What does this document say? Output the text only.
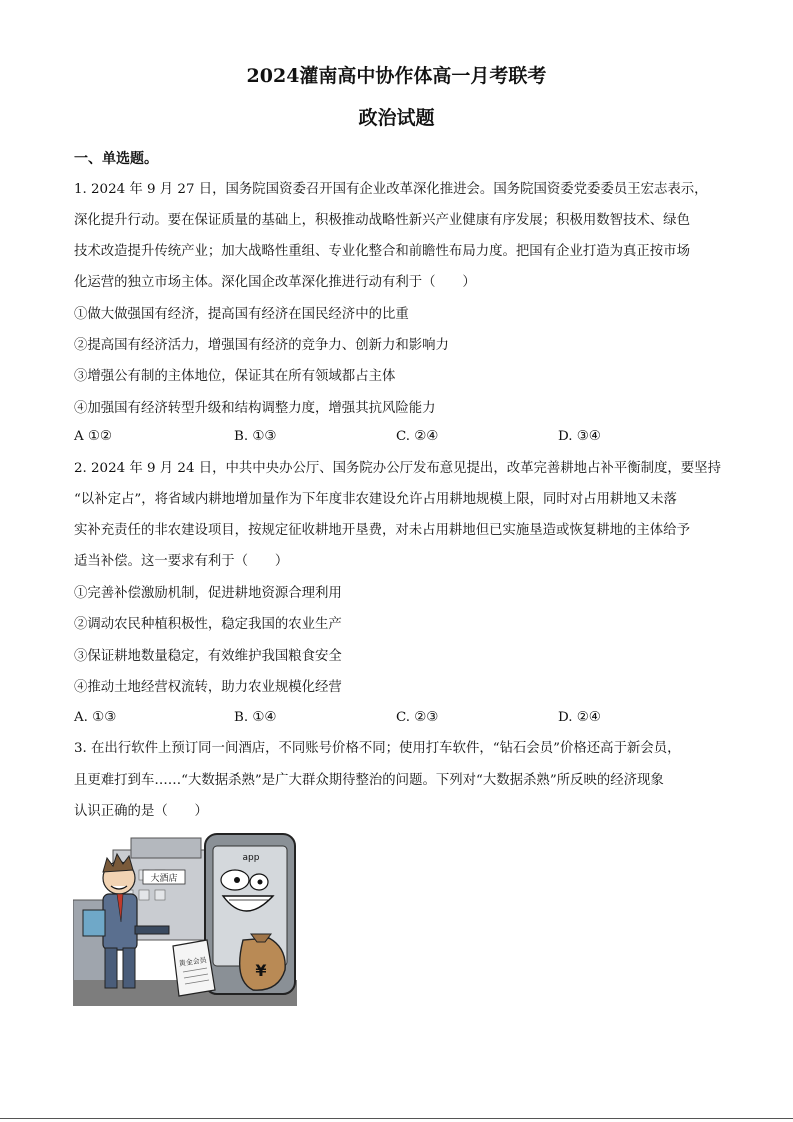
2024灌南高中协作体高一月考联考
政治试题
一、单选题。
1. 2024 年 9 月 27 日，国务院国资委召开国有企业改革深化推进会。国务院国资委党委委员王宏志表示，
深化提升行动。要在保证质量的基础上，积极推动战略性新兴产业健康有序发展；积极用数智技术、绿色
技术改造提升传统产业；加大战略性重组、专业化整合和前瞻性布局力度。把国有企业打造为真正按市场
化运营的独立市场主体。深化国企改革深化推进行动有利于（　　）
①做大做强国有经济，提高国有经济在国民经济中的比重
②提高国有经济活力，增强国有经济的竞争力、创新力和影响力
③增强公有制的主体地位，保证其在所有领域都占主体
④加强国有经济转型升级和结构调整力度，增强其抗风险能力
A ①②	B. ①③	C. ②④	D. ③④
2. 2024 年 9 月 24 日，中共中央办公厅、国务院办公厅发布意见提出，改革完善耕地占补平衡制度，要坚持
“以补定占”，将省域内耕地增加量作为下年度非农建设允许占用耕地规模上限，同时对占用耕地又未落
实补充责任的非农建设项目，按规定征收耕地开垦费，对未占用耕地但已实施垦造或恢复耕地的主体给予
适当补偿。这一要求有利于（　　）
①完善补偿激励机制，促进耕地资源合理利用
②调动农民种植积极性，稳定我国的农业生产
③保证耕地数量稳定，有效维护我国粮食安全
④推动土地经营权流转，助力农业规模化经营
A. ①③	B. ①④	C. ②③	D. ②④
3. 在出行软件上预订同一间酒店，不同账号价格不同；使用打车软件，“钻石会员”价格还高于新会员，
且更难打到车……“大数据杀熟”是广大群众期待整治的问题。下列对“大数据杀熟”所反映的经济现象
认识正确的是（　　）
大酒店
app
¥
黄金会员
